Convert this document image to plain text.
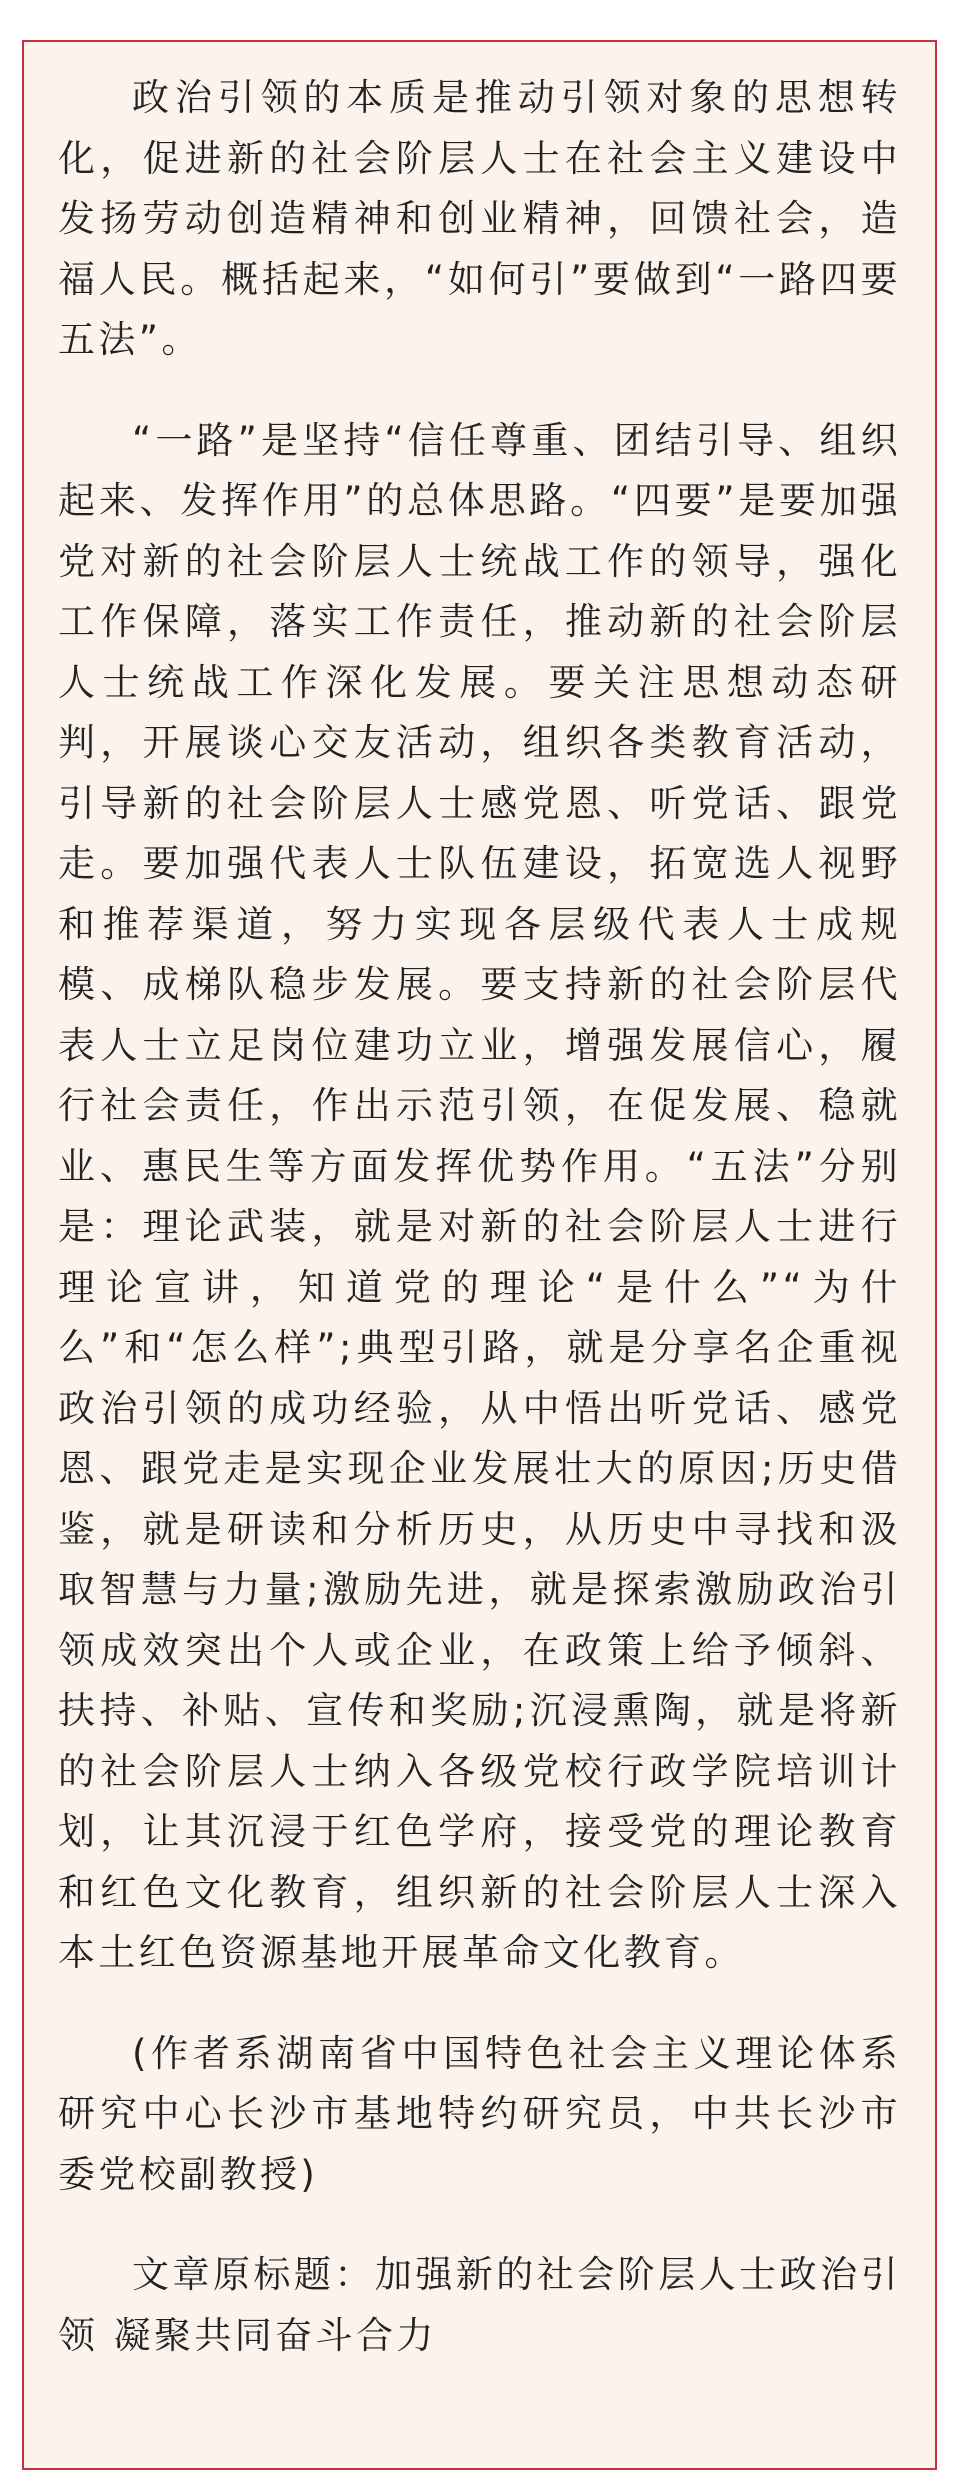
政治引领的本质是推动引领对象的思想转化，促进新的社会阶层人士在社会主义建设中发扬劳动创造精神和创业精神，回馈社会，造福人民。概括起来，“如何引”要做到“一路四要五法”。

“一路”是坚持“信任尊重、团结引导、组织起来、发挥作用”的总体思路。“四要”是要加强党对新的社会阶层人士统战工作的领导，强化工作保障，落实工作责任，推动新的社会阶层人士统战工作深化发展。要关注思想动态研判，开展谈心交友活动，组织各类教育活动，引导新的社会阶层人士感党恩、听党话、跟党走。要加强代表人士队伍建设，拓宽选人视野和推荐渠道，努力实现各层级代表人士成规模、成梯队稳步发展。要支持新的社会阶层代表人士立足岗位建功立业，增强发展信心，履行社会责任，作出示范引领，在促发展、稳就业、惠民生等方面发挥优势作用。“五法”分别是：理论武装，就是对新的社会阶层人士进行理论宣讲，知道党的理论“是什么”“为什么”和“怎么样”;典型引路，就是分享名企重视政治引领的成功经验，从中悟出听党话、感党恩、跟党走是实现企业发展壮大的原因;历史借鉴，就是研读和分析历史，从历史中寻找和汲取智慧与力量;激励先进，就是探索激励政治引领成效突出个人或企业，在政策上给予倾斜、扶持、补贴、宣传和奖励;沉浸熏陶，就是将新的社会阶层人士纳入各级党校行政学院培训计划，让其沉浸于红色学府，接受党的理论教育和红色文化教育，组织新的社会阶层人士深入本土红色资源基地开展革命文化教育。

(作者系湖南省中国特色社会主义理论体系研究中心长沙市基地特约研究员，中共长沙市委党校副教授)

文章原标题：加强新的社会阶层人士政治引领 凝聚共同奋斗合力
